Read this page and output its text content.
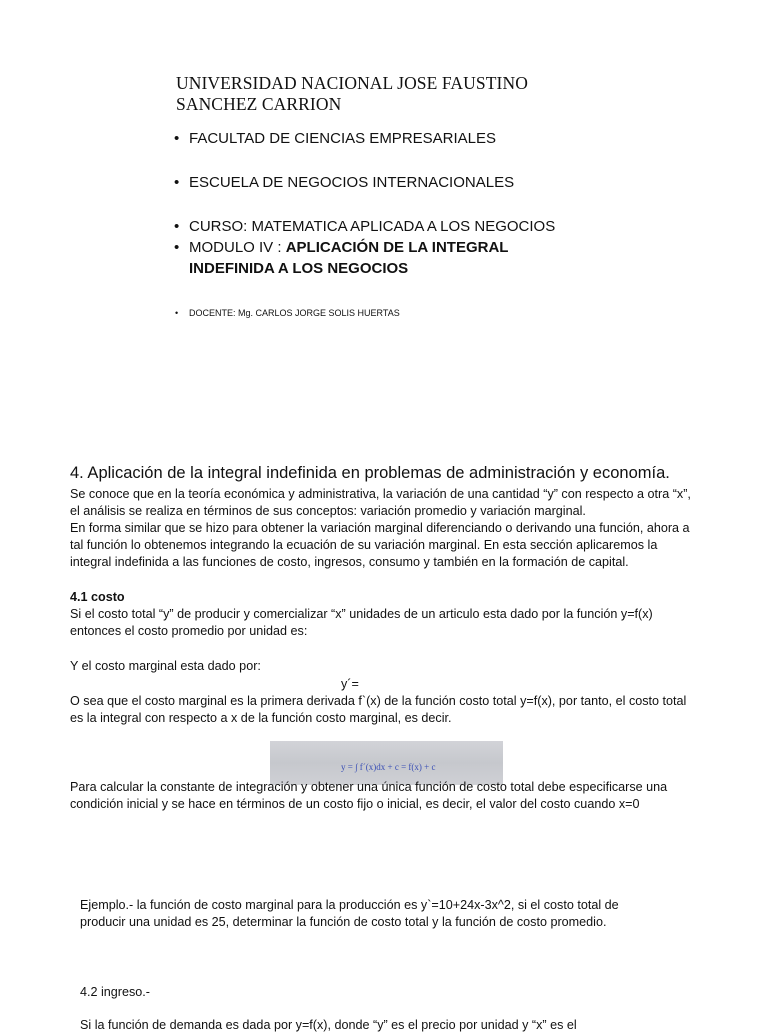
UNIVERSIDAD NACIONAL JOSE FAUSTINO
SANCHEZ CARRION
• FACULTAD DE CIENCIAS EMPRESARIALES
• ESCUELA DE NEGOCIOS INTERNACIONALES
• CURSO: MATEMATICA APLICADA A LOS NEGOCIOS
• MODULO IV : APLICACIÓN DE LA INTEGRAL
INDEFINIDA A LOS NEGOCIOS
• DOCENTE: Mg. CARLOS JORGE SOLIS HUERTAS
4. Aplicación de la integral indefinida en problemas de administración y economía.
Se conoce que en la teoría económica y administrativa, la variación de una cantidad “y” con respecto a otra “x”,
el análisis se realiza en términos de sus conceptos: variación promedio y variación marginal.
En forma similar que se hizo para obtener la variación marginal diferenciando o derivando una función, ahora a
tal función lo obtenemos integrando la ecuación de su variación marginal. En esta sección aplicaremos la
integral indefinida a las funciones de costo, ingresos, consumo y también en la formación de capital.
4.1 costo
Si el costo total “y” de producir y comercializar “x” unidades de un articulo esta dado por la función y=f(x)
entonces el costo promedio por unidad es:
Y el costo marginal esta dado por:
y´=
O sea que el costo marginal es la primera derivada f`(x) de la función costo total y=f(x), por tanto, el costo total
es la integral con respecto a x de la función costo marginal, es decir.
y = ∫ f´(x)dx + c = f(x) + c
Para calcular la constante de integración y obtener una única función de costo total debe especificarse una
condición inicial y se hace en términos de un costo fijo o inicial, es decir, el valor del costo cuando x=0
Ejemplo.- la función de costo marginal para la producción es y`=10+24x-3x^2, si el costo total de
producir una unidad es 25, determinar la función de costo total y la función de costo promedio.
4.2 ingreso.-
Si la función de demanda es dada por y=f(x), donde “y” es el precio por unidad y “x” es el
